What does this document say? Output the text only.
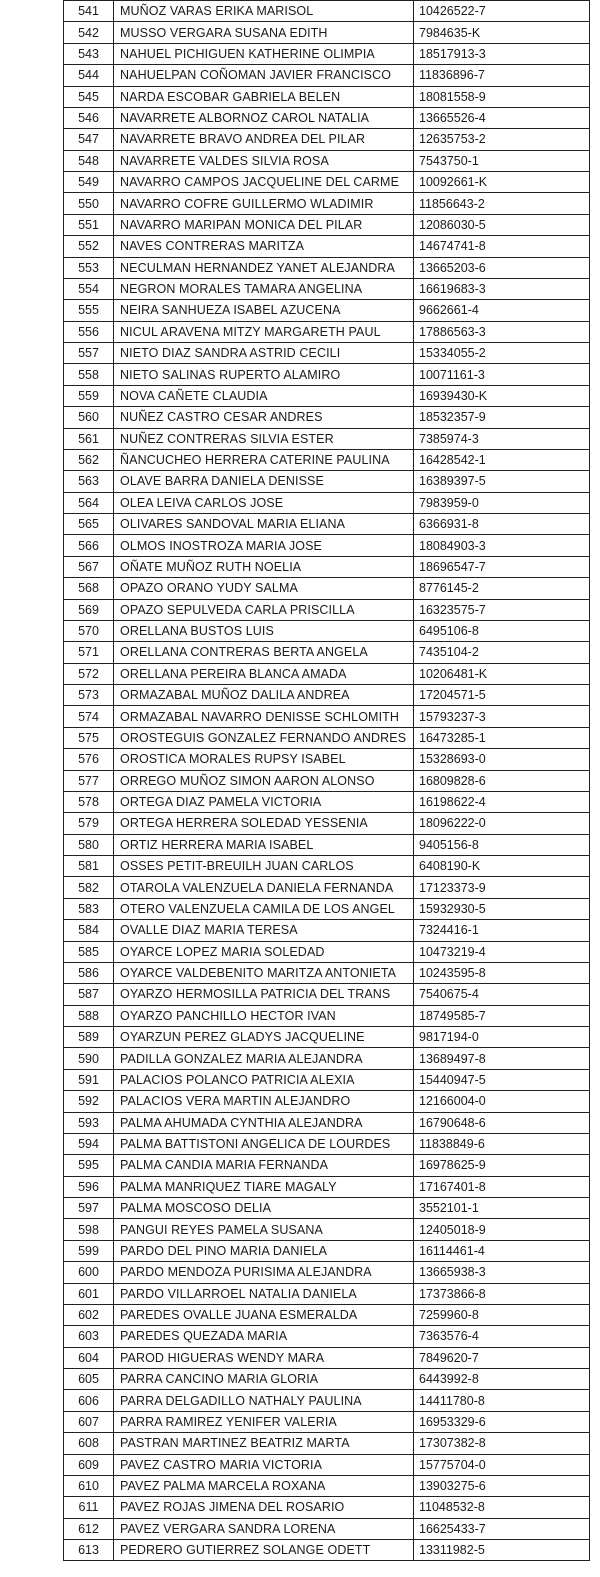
541	MUÑOZ VARAS ERIKA MARISOL	10426522-7
542	MUSSO VERGARA SUSANA EDITH	7984635-K
543	NAHUEL PICHIGUEN KATHERINE OLIMPIA	18517913-3
544	NAHUELPAN COÑOMAN JAVIER FRANCISCO	11836896-7
545	NARDA ESCOBAR GABRIELA BELEN	18081558-9
546	NAVARRETE ALBORNOZ CAROL NATALIA	13665526-4
547	NAVARRETE BRAVO ANDREA DEL PILAR	12635753-2
548	NAVARRETE VALDES SILVIA ROSA	7543750-1
549	NAVARRO CAMPOS JACQUELINE DEL CARME	10092661-K
550	NAVARRO COFRE GUILLERMO WLADIMIR	11856643-2
551	NAVARRO MARIPAN MONICA DEL PILAR	12086030-5
552	NAVES CONTRERAS MARITZA	14674741-8
553	NECULMAN HERNANDEZ YANET ALEJANDRA	13665203-6
554	NEGRON MORALES TAMARA ANGELINA	16619683-3
555	NEIRA SANHUEZA ISABEL AZUCENA	9662661-4
556	NICUL ARAVENA MITZY MARGARETH PAUL	17886563-3
557	NIETO DIAZ SANDRA ASTRID CECILI	15334055-2
558	NIETO SALINAS RUPERTO ALAMIRO	10071161-3
559	NOVA CAÑETE CLAUDIA	16939430-K
560	NUÑEZ CASTRO CESAR ANDRES	18532357-9
561	NUÑEZ CONTRERAS SILVIA ESTER	7385974-3
562	ÑANCUCHEO HERRERA CATERINE PAULINA	16428542-1
563	OLAVE BARRA DANIELA DENISSE	16389397-5
564	OLEA LEIVA CARLOS JOSE	7983959-0
565	OLIVARES SANDOVAL MARIA ELIANA	6366931-8
566	OLMOS INOSTROZA MARIA JOSE	18084903-3
567	OÑATE MUÑOZ RUTH NOELIA	18696547-7
568	OPAZO ORANO YUDY SALMA	8776145-2
569	OPAZO SEPULVEDA CARLA PRISCILLA	16323575-7
570	ORELLANA BUSTOS LUIS	6495106-8
571	ORELLANA CONTRERAS BERTA ANGELA	7435104-2
572	ORELLANA PEREIRA BLANCA AMADA	10206481-K
573	ORMAZABAL MUÑOZ DALILA ANDREA	17204571-5
574	ORMAZABAL NAVARRO DENISSE SCHLOMITH	15793237-3
575	OROSTEGUIS GONZALEZ FERNANDO ANDRES	16473285-1
576	OROSTICA MORALES RUPSY ISABEL	15328693-0
577	ORREGO MUÑOZ SIMON AARON ALONSO	16809828-6
578	ORTEGA DIAZ PAMELA VICTORIA	16198622-4
579	ORTEGA HERRERA SOLEDAD YESSENIA	18096222-0
580	ORTIZ HERRERA MARIA ISABEL	9405156-8
581	OSSES PETIT-BREUILH JUAN CARLOS	6408190-K
582	OTAROLA VALENZUELA DANIELA FERNANDA	17123373-9
583	OTERO VALENZUELA CAMILA DE LOS ANGEL	15932930-5
584	OVALLE DIAZ MARIA TERESA	7324416-1
585	OYARCE LOPEZ MARIA SOLEDAD	10473219-4
586	OYARCE VALDEBENITO MARITZA ANTONIETA	10243595-8
587	OYARZO HERMOSILLA PATRICIA DEL TRANS	7540675-4
588	OYARZO PANCHILLO HECTOR IVAN	18749585-7
589	OYARZUN PEREZ GLADYS JACQUELINE	9817194-0
590	PADILLA GONZALEZ MARIA ALEJANDRA	13689497-8
591	PALACIOS POLANCO PATRICIA ALEXIA	15440947-5
592	PALACIOS VERA MARTIN ALEJANDRO	12166004-0
593	PALMA AHUMADA CYNTHIA ALEJANDRA	16790648-6
594	PALMA BATTISTONI ANGELICA DE LOURDES	11838849-6
595	PALMA CANDIA MARIA FERNANDA	16978625-9
596	PALMA MANRIQUEZ TIARE MAGALY	17167401-8
597	PALMA MOSCOSO DELIA	3552101-1
598	PANGUI REYES PAMELA SUSANA	12405018-9
599	PARDO DEL PINO MARIA DANIELA	16114461-4
600	PARDO MENDOZA PURISIMA ALEJANDRA	13665938-3
601	PARDO VILLARROEL NATALIA DANIELA	17373866-8
602	PAREDES OVALLE JUANA ESMERALDA	7259960-8
603	PAREDES QUEZADA MARIA	7363576-4
604	PAROD HIGUERAS WENDY MARA	7849620-7
605	PARRA CANCINO MARIA GLORIA	6443992-8
606	PARRA DELGADILLO NATHALY PAULINA	14411780-8
607	PARRA RAMIREZ YENIFER VALERIA	16953329-6
608	PASTRAN MARTINEZ BEATRIZ MARTA	17307382-8
609	PAVEZ CASTRO MARIA VICTORIA	15775704-0
610	PAVEZ PALMA MARCELA ROXANA	13903275-6
611	PAVEZ ROJAS JIMENA DEL ROSARIO	11048532-8
612	PAVEZ VERGARA SANDRA LORENA	16625433-7
613	PEDRERO GUTIERREZ SOLANGE ODETT	13311982-5
